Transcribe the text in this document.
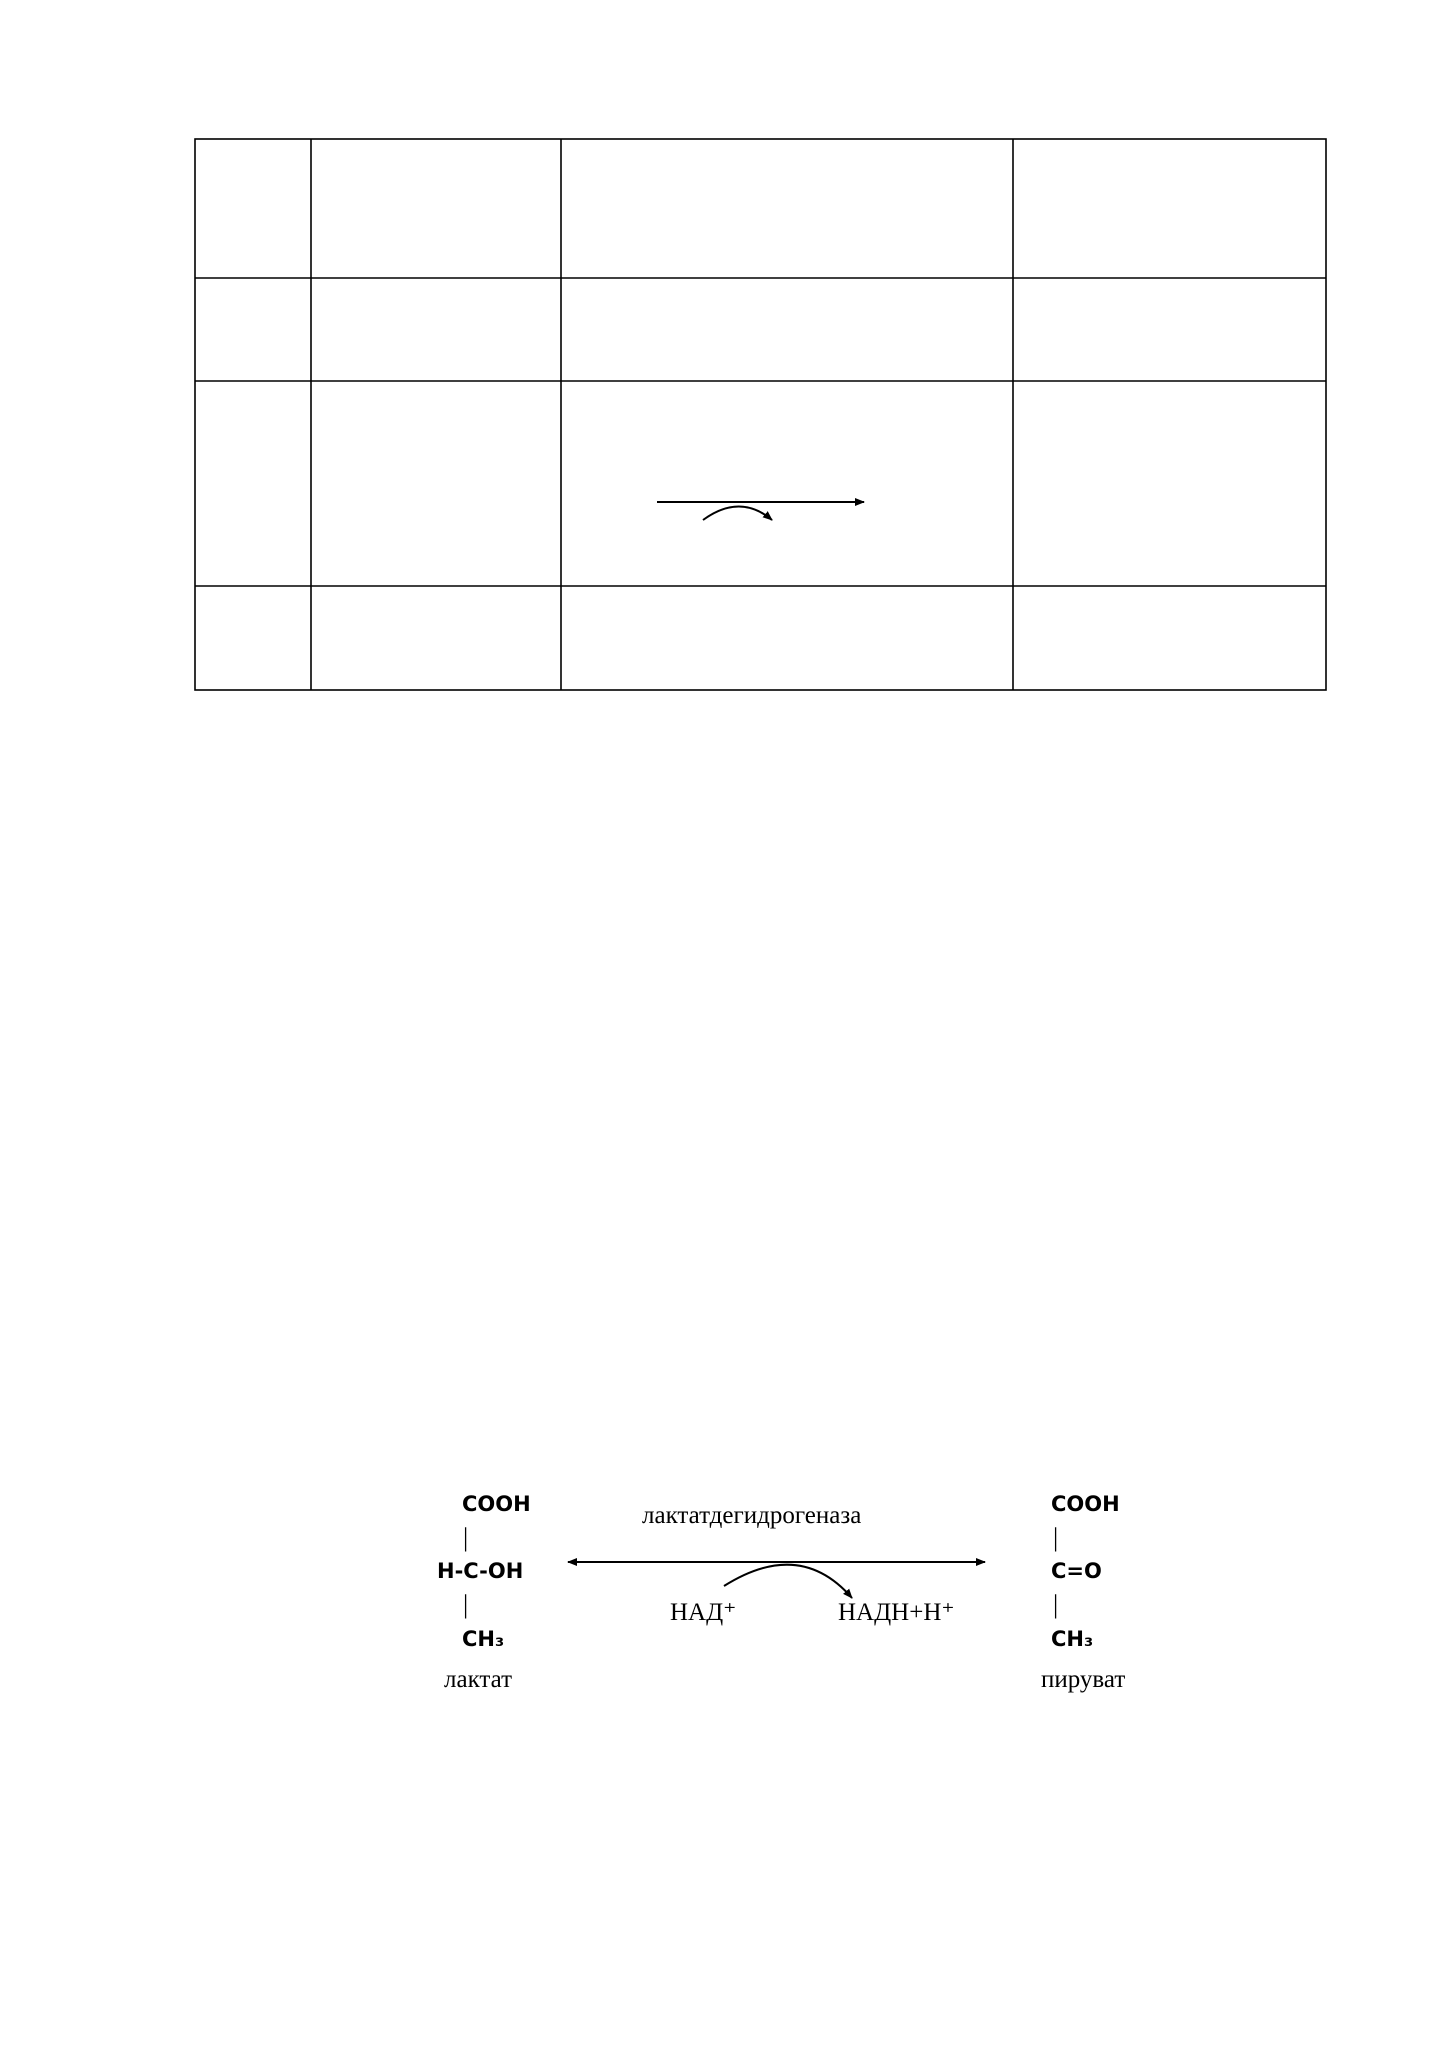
COOH
|
H-C-OH
|
CH₃
лактат
лактатдегидрогеназа
НАД⁺	НАДН+Н⁺
COOH
|
C=O
|
CH₃
пируват
